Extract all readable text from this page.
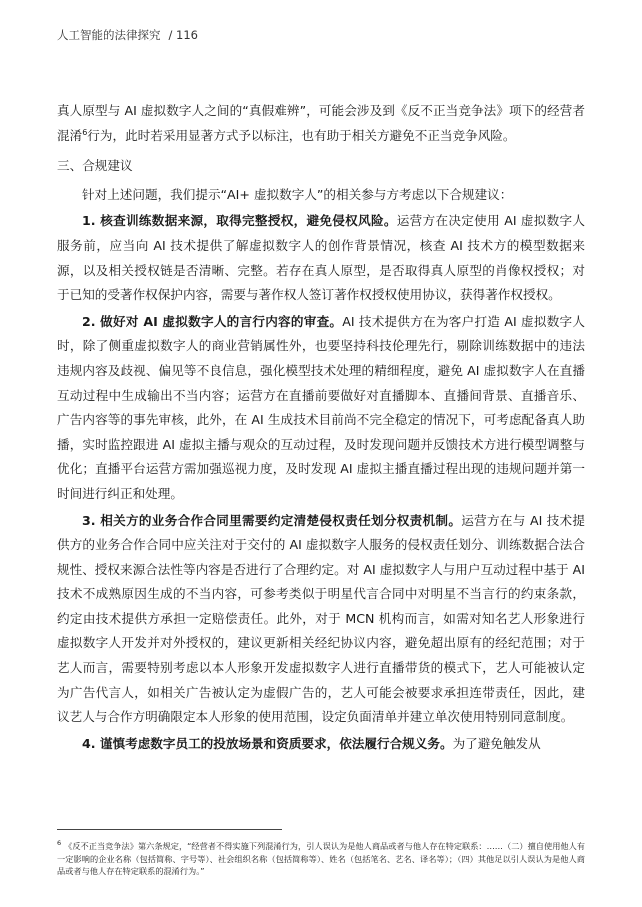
人工智能的法律探究 / 116

真人原型与 AI 虚拟数字人之间的“真假难辨”，可能会涉及到《反不正当竞争法》项下的经营者混淆$^6$行为，此时若采用显著方式予以标注，也有助于相关方避免不正当竞争风险。

三、合规建议

针对上述问题，我们提示“AI+ 虚拟数字人”的相关参与方考虑以下合规建议：

1. 核查训练数据来源，取得完整授权，避免侵权风险。运营方在决定使用 AI 虚拟数字人服务前，应当向 AI 技术提供了解虚拟数字人的创作背景情况，核查 AI 技术方的模型数据来源，以及相关授权链是否清晰、完整。若存在真人原型，是否取得真人原型的肖像权授权；对于已知的受著作权保护内容，需要与著作权人签订著作权授权使用协议，获得著作权授权。

2. 做好对 AI 虚拟数字人的言行内容的审查。AI 技术提供方在为客户打造 AI 虚拟数字人时，除了侧重虚拟数字人的商业营销属性外，也要坚持科技伦理先行，剔除训练数据中的违法违规内容及歧视、偏见等不良信息，强化模型技术处理的精细程度，避免 AI 虚拟数字人在直播互动过程中生成输出不当内容；运营方在直播前要做好对直播脚本、直播间背景、直播音乐、广告内容等的事先审核，此外，在 AI 生成技术目前尚不完全稳定的情况下，可考虑配备真人助播，实时监控跟进 AI 虚拟主播与观众的互动过程，及时发现问题并反馈技术方进行模型调整与优化；直播平台运营方需加强巡视力度，及时发现 AI 虚拟主播直播过程出现的违规问题并第一时间进行纠正和处理。

3. 相关方的业务合作合同里需要约定清楚侵权责任划分权责机制。运营方在与 AI 技术提供方的业务合作合同中应关注对于交付的 AI 虚拟数字人服务的侵权责任划分、训练数据合法合规性、授权来源合法性等内容是否进行了合理约定。对 AI 虚拟数字人与用户互动过程中基于 AI 技术不成熟原因生成的不当内容，可参考类似于明星代言合同中对明星不当言行的约束条款，约定由技术提供方承担一定赔偿责任。此外，对于 MCN 机构而言，如需对知名艺人形象进行虚拟数字人开发并对外授权的，建议更新相关经纪协议内容，避免超出原有的经纪范围；对于艺人而言，需要特别考虑以本人形象开发虚拟数字人进行直播带货的模式下，艺人可能被认定为广告代言人，如相关广告被认定为虚假广告的，艺人可能会被要求承担连带责任，因此，建议艺人与合作方明确限定本人形象的使用范围，设定负面清单并建立单次使用特别同意制度。

4. 谨慎考虑数字员工的投放场景和资质要求，依法履行合规义务。为了避免触发从

$^6$ 《反不正当竞争法》第六条规定，“经营者不得实施下列混淆行为，引人误认为是他人商品或者与他人存在特定联系：……（二）擅自使用他人有一定影响的企业名称（包括简称、字号等）、社会组织名称（包括简称等）、姓名（包括笔名、艺名、译名等）；（四）其他足以引人误认为是他人商品或者与他人存在特定联系的混淆行为。”
